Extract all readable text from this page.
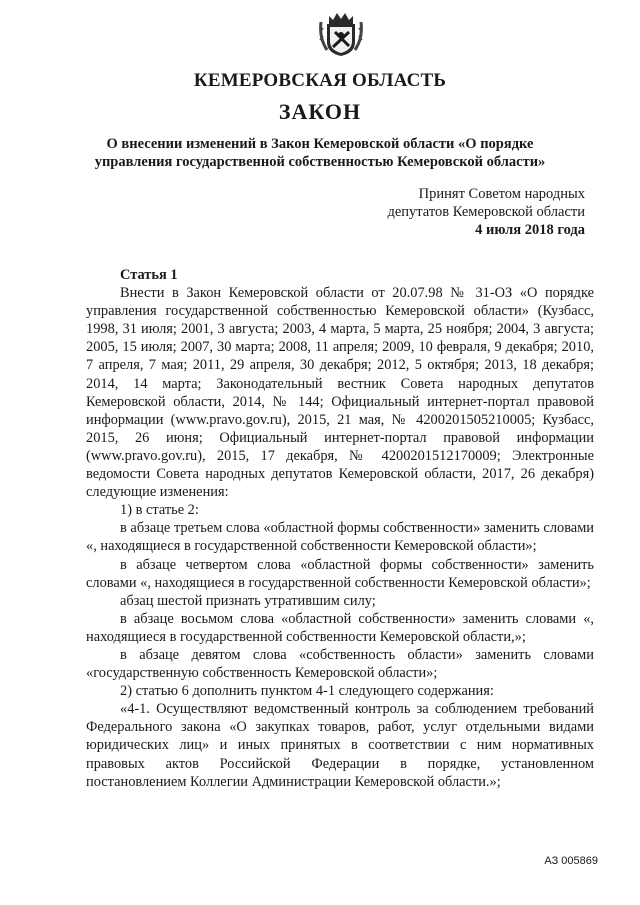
КЕМЕРОВСКАЯ ОБЛАСТЬ
ЗАКОН
О внесении изменений в Закон Кемеровской области «О порядке
управления государственной собственностью Кемеровской области»
Принят Советом народных
депутатов Кемеровской области
4 июля 2018 года

Статья 1

Внести в Закон Кемеровской области от 20.07.98 № 31-ОЗ «О порядке управления государственной собственностью Кемеровской области» (Кузбасс, 1998, 31 июля; 2001, 3 августа; 2003, 4 марта, 5 марта, 25 ноября; 2004, 3 августа; 2005, 15 июля; 2007, 30 марта; 2008, 11 апреля; 2009, 10 февраля, 9 декабря; 2010, 7 апреля, 7 мая; 2011, 29 апреля, 30 декабря; 2012, 5 октября; 2013, 18 декабря; 2014, 14 марта; Законодательный вестник Совета народных депутатов Кемеровской области, 2014, № 144; Официальный интернет-портал правовой информации (www.pravo.gov.ru), 2015, 21 мая, № 4200201505210005; Кузбасс, 2015, 26 июня; Официальный интернет-портал правовой информации (www.pravo.gov.ru), 2015, 17 декабря, № 4200201512170009; Электронные ведомости Совета народных депутатов Кемеровской области, 2017, 26 декабря) следующие изменения:

1) в статье 2:

в абзаце третьем слова «областной формы собственности» заменить словами «, находящиеся в государственной собственности Кемеровской области»;

в абзаце четвертом слова «областной формы собственности» заменить словами «, находящиеся в государственной собственности Кемеровской области»;

абзац шестой признать утратившим силу;

в абзаце восьмом слова «областной собственности» заменить словами «, находящиеся в государственной собственности Кемеровской области,»;

в абзаце девятом слова «собственность области» заменить словами «государственную собственность Кемеровской области»;

2) статью 6 дополнить пунктом 4-1 следующего содержания:

«4-1. Осуществляют ведомственный контроль за соблюдением требований Федерального закона «О закупках товаров, работ, услуг отдельными видами юридических лиц» и иных принятых в соответствии с ним нормативных правовых актов Российской Федерации в порядке, установленном постановлением Коллегии Администрации Кемеровской области.»;

АЗ 005869
